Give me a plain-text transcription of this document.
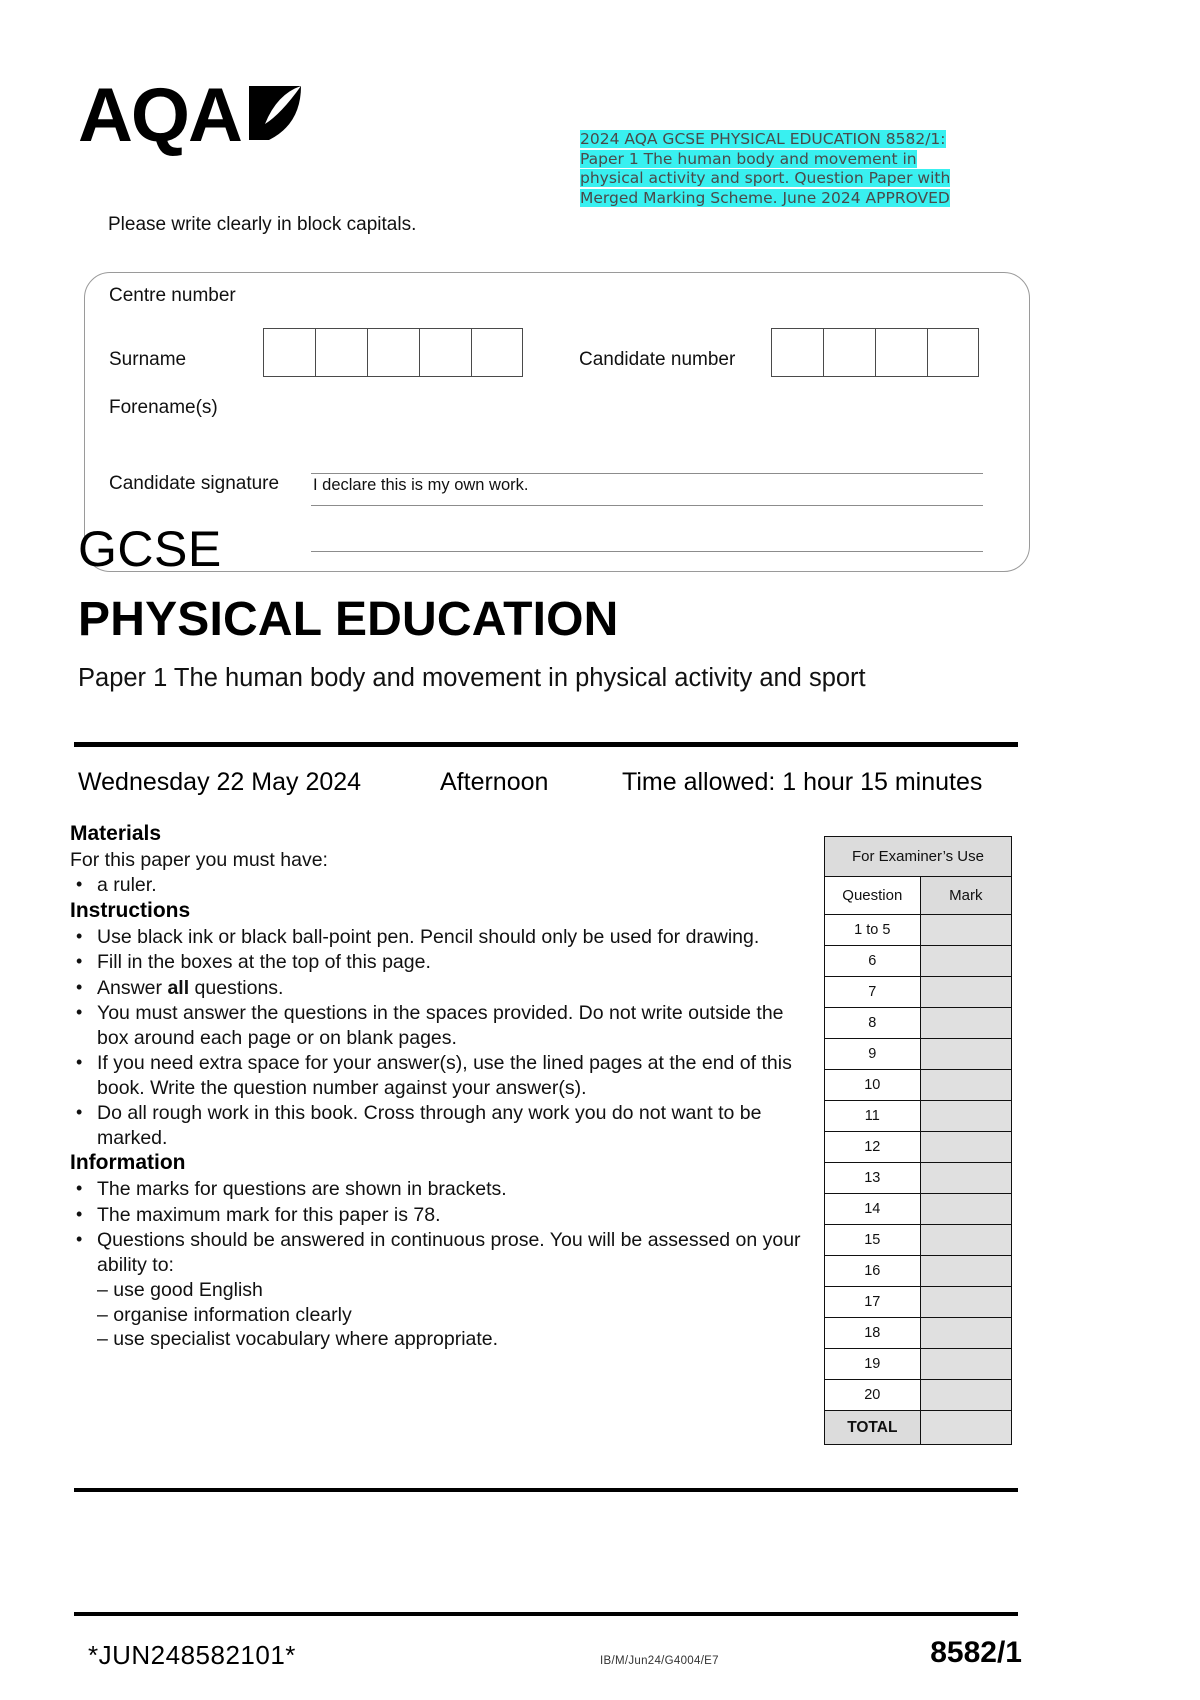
AQA	2024 AQA GCSE PHYSICAL EDUCATION 8582/1:
Paper 1 The human body and movement in
physical activity and sport. Question Paper with
Merged Marking Scheme. June 2024 APPROVED
Please write clearly in block capitals.
Centre number
Surname
Forename(s)
Candidate signature
Candidate number
I declare this is my own work.
GCSE
PHYSICAL EDUCATION
Paper 1 The human body and movement in physical activity and sport
Wednesday 22 May 2024	Afternoon	Time allowed: 1 hour 15 minutes
Materials

For this paper you must have:

• a ruler.
Instructions
• Use black ink or black ball-point pen. Pencil should only be used for drawing.
• Fill in the boxes at the top of this page.
• Answer all questions.
• You must answer the questions in the spaces provided. Do not write outside the box around each page or on blank pages.
• If you need extra space for your answer(s), use the lined pages at the end of this book. Write the question number against your answer(s).
• Do all rough work in this book. Cross through any work you do not want to be marked.
Information
• The marks for questions are shown in brackets.
• The maximum mark for this paper is 78.
• Questions should be answered in continuous prose. You will be assessed on your ability to:
– use good English
– organise information clearly
– use specialist vocabulary where appropriate.
For Examiner’s Use	
Question	Mark
1 to 5	
6	
7	
8	
9	
10	
11	
12	
13	
14	
15	
16	
17	
18	
19	
20	
TOTAL	
*JUN248582101*	IB/M/Jun24/G4004/E7	8582/1
